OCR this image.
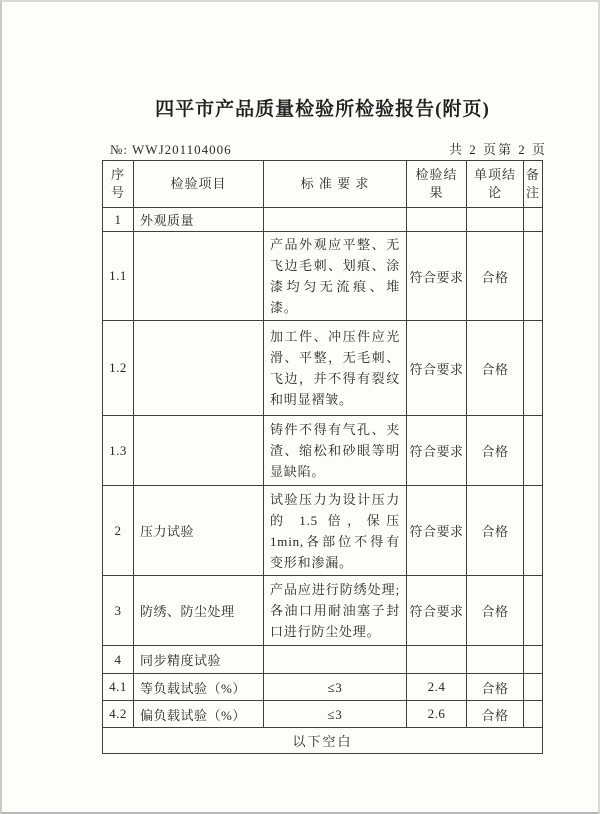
四平市产品质量检验所检验报告(附页)
№: WWJ201104006	共 2 页第 2 页
序号	检验项目	标 准 要 求	检验结果	单项结论	备注
1	外观质量				
1.1		产品外观应平整、无飞边毛刺、划痕、涂漆均匀无流痕、堆漆。	符合要求	合格	
1.2		加工件、冲压件应光滑、平整，无毛刺、飞边，并不得有裂纹和明显褶皱。	符合要求	合格	
1.3		铸件不得有气孔、夹渣、缩松和砂眼等明显缺陷。	符合要求	合格	
2	压力试验	试验压力为设计压力的 1.5 倍，保压 1min,各部位不得有变形和渗漏。	符合要求	合格	
3	防绣、防尘处理	产品应进行防绣处理;各油口用耐油塞子封口进行防尘处理。	符合要求	合格	
4	同步精度试验				
4.1	等负载试验（%）	≤3	2.4	合格	
4.2	偏负载试验（%）	≤3	2.6	合格	
以下空白					
